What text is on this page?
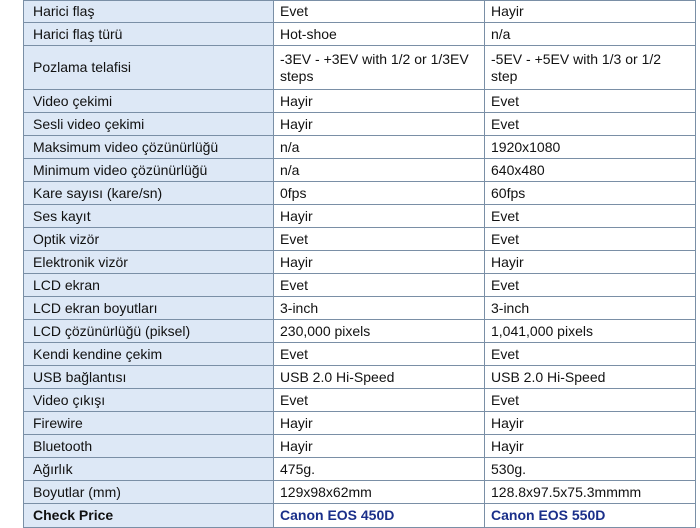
Harici flaş	Evet	Hayir
Harici flaş türü	Hot-shoe	n/a
Pozlama telafisi	-3EV - +3EV with 1/2 or 1/3EV steps	-5EV - +5EV with 1/3 or 1/2 step
Video çekimi	Hayir	Evet
Sesli video çekimi	Hayir	Evet
Maksimum video çözünürlüğü	n/a	1920x1080
Minimum video çözünürlüğü	n/a	640x480
Kare sayısı (kare/sn)	0fps	60fps
Ses kayıt	Hayir	Evet
Optik vizör	Evet	Evet
Elektronik vizör	Hayir	Hayir
LCD ekran	Evet	Evet
LCD ekran boyutları	3-inch	3-inch
LCD çözünürlüğü (piksel)	230,000 pixels	1,041,000 pixels
Kendi kendine çekim	Evet	Evet
USB bağlantısı	USB 2.0 Hi-Speed	USB 2.0 Hi-Speed
Video çıkışı	Evet	Evet
Firewire	Hayir	Hayir
Bluetooth	Hayir	Hayir
Ağırlık	475g.	530g.
Boyutlar (mm)	129x98x62mm	128.8x97.5x75.3mmmm
Check Price	Canon EOS 450D	Canon EOS 550D
